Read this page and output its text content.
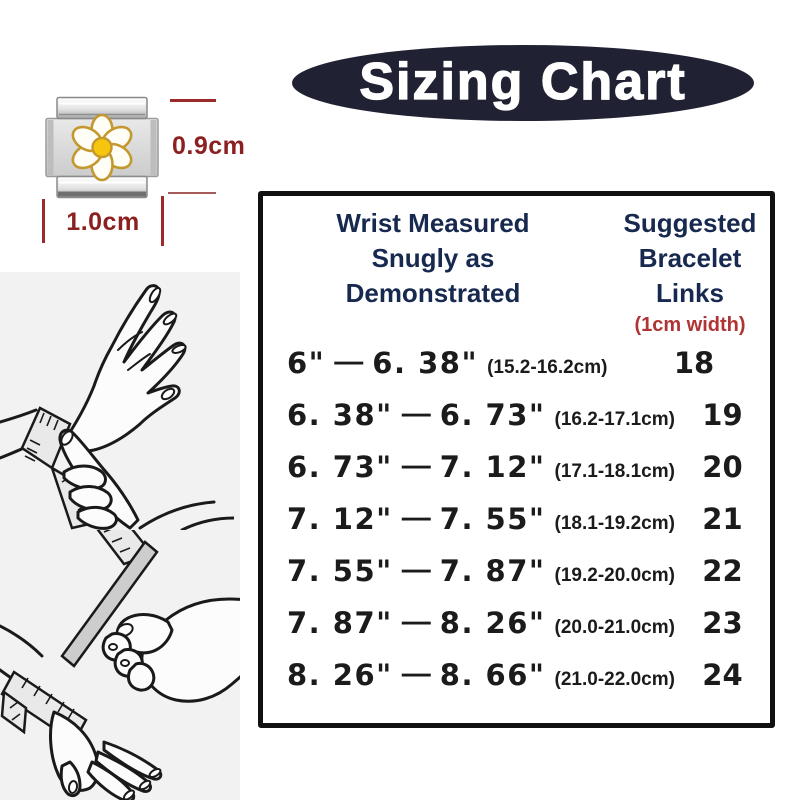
0.9cm
1.0cm
Sizing Chart
Wrist Measured
Snugly as
Demonstrated
Suggested
Bracelet
Links
(1cm width)
6" — 6. 38" (15.2-16.2cm)	18
6. 38" — 6. 73" (16.2-17.1cm) 19
6. 73" — 7. 12" (17.1-18.1cm) 20
7. 12" — 7. 55" (18.1-19.2cm) 21
7. 55" — 7. 87" (19.2-20.0cm) 22
7. 87" — 8. 26" (20.0-21.0cm) 23
8. 26" — 8. 66" (21.0-22.0cm) 24
